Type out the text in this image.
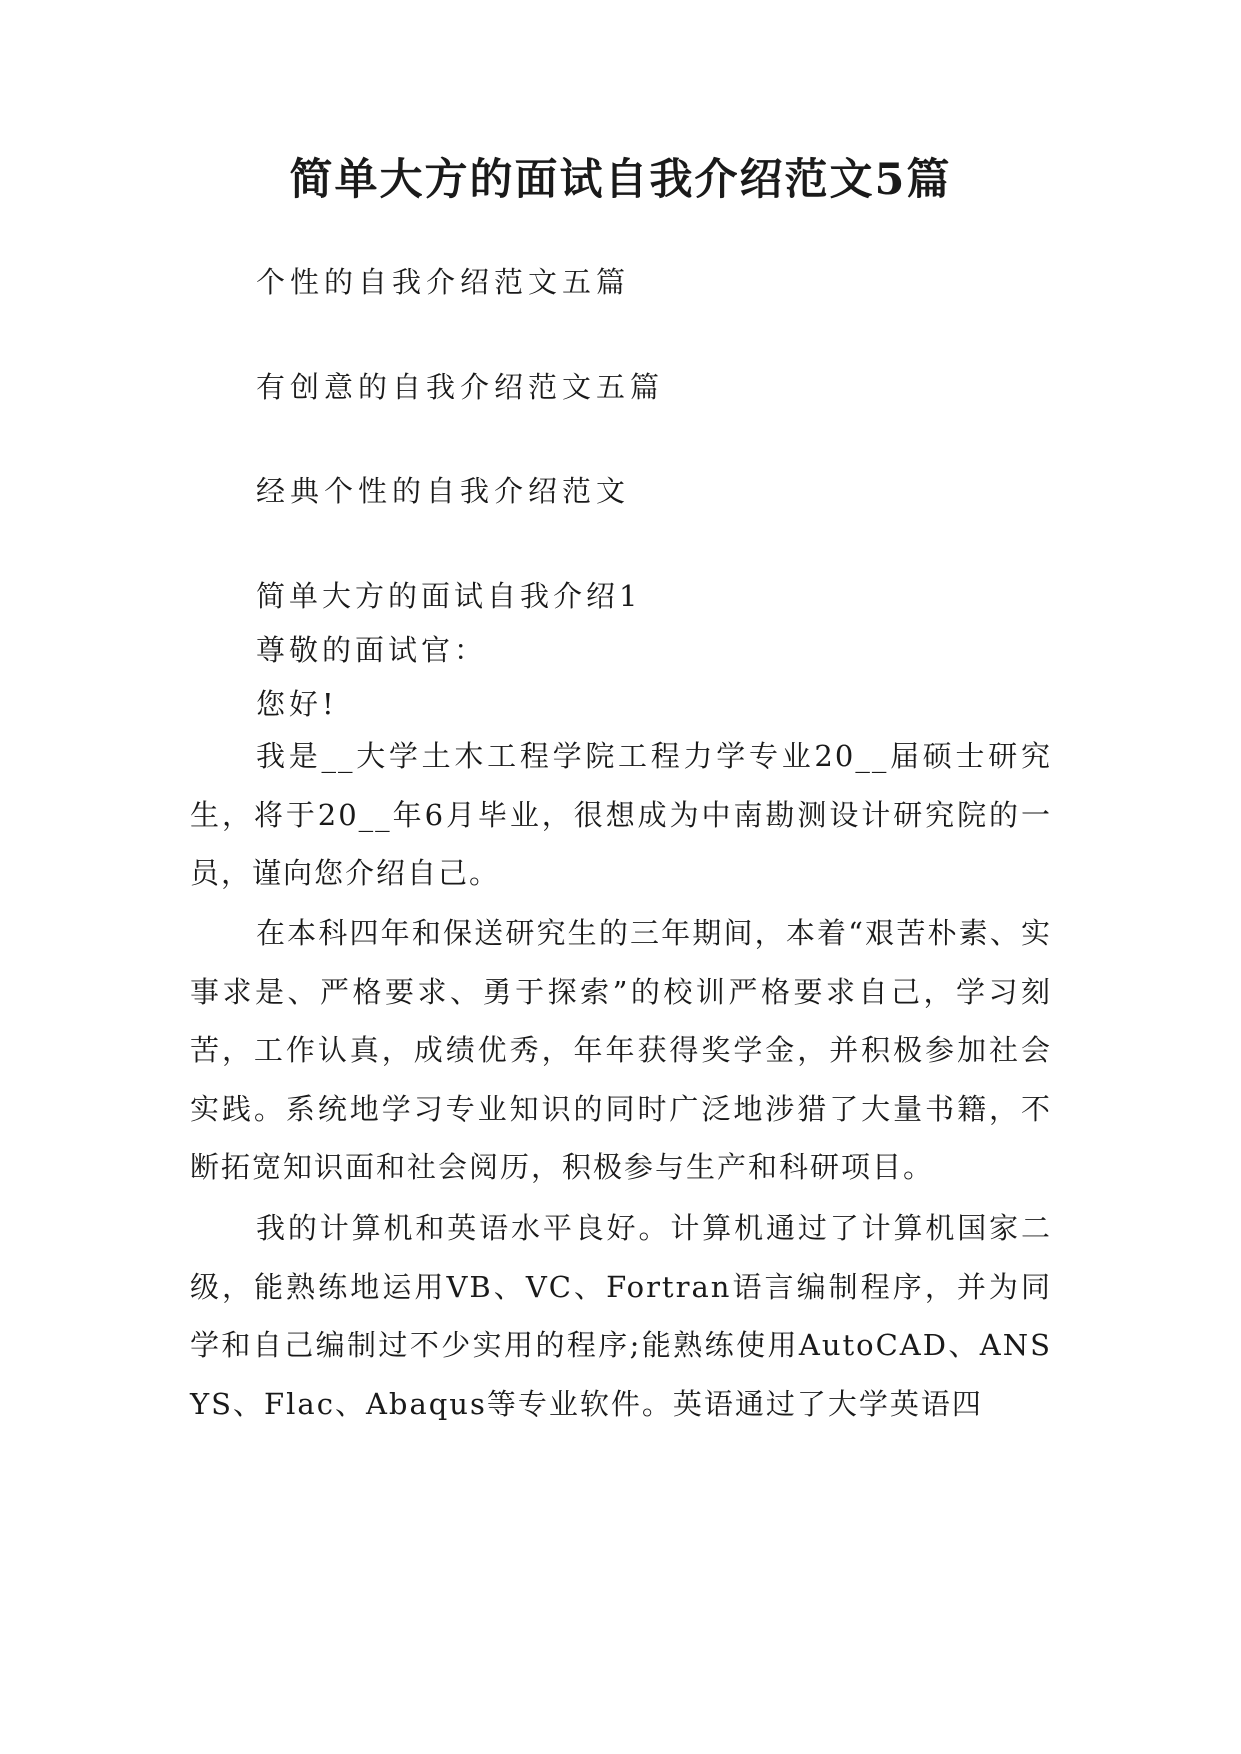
简单大方的面试自我介绍范文5篇
个性的自我介绍范文五篇
有创意的自我介绍范文五篇
经典个性的自我介绍范文
简单大方的面试自我介绍1
尊敬的面试官：
您好!

我是__大学土木工程学院工程力学专业20__届硕士研究生，将于20__年6月毕业，很想成为中南勘测设计研究院的一员，谨向您介绍自己。

在本科四年和保送研究生的三年期间，本着“艰苦朴素、实事求是、严格要求、勇于探索”的校训严格要求自己，学习刻苦，工作认真，成绩优秀，年年获得奖学金，并积极参加社会实践。系统地学习专业知识的同时广泛地涉猎了大量书籍，不断拓宽知识面和社会阅历，积极参与生产和科研项目。

我的计算机和英语水平良好。计算机通过了计算机国家二级，能熟练地运用VB、VC、Fortran语言编制程序，并为同学和自己编制过不少实用的程序;能熟练使用AutoCAD、ANSYS、Flac、Abaqus等专业软件。英语通过了大学英语四
